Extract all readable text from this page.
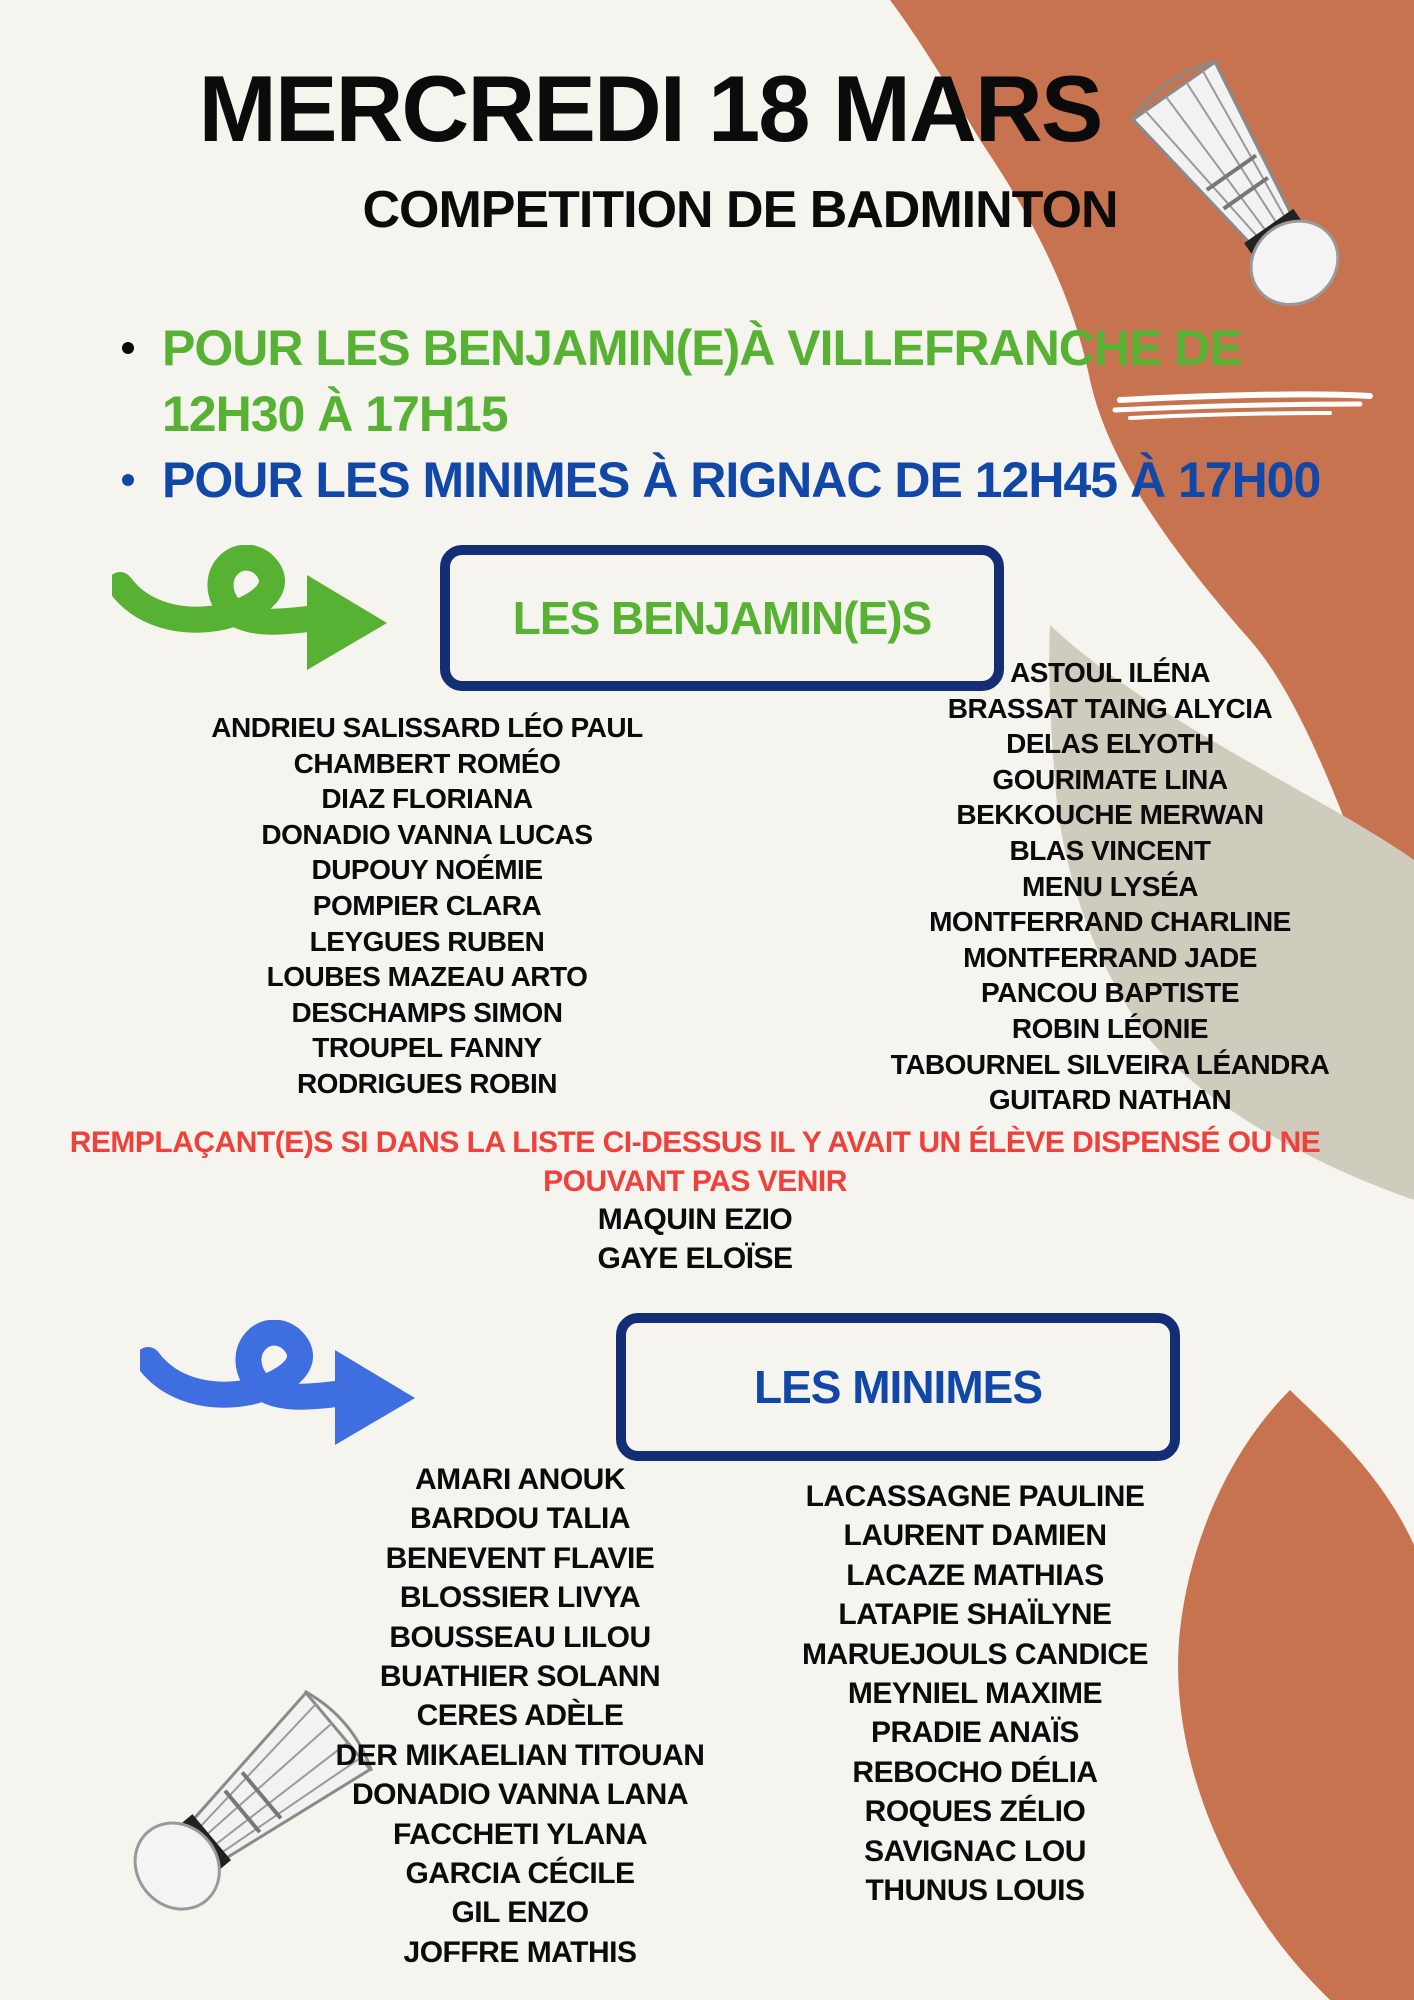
MERCREDI 18 MARS
COMPETITION DE BADMINTON
POUR LES BENJAMIN(E)À VILLEFRANCHE DE 12H30 À 17H15
POUR LES MINIMES À RIGNAC DE 12H45 À 17H00
LES BENJAMIN(E)S
ANDRIEU SALISSARD LÉO PAUL
CHAMBERT ROMÉO
DIAZ FLORIANA
DONADIO VANNA LUCAS
DUPOUY NOÉMIE
POMPIER CLARA
LEYGUES RUBEN
LOUBES MAZEAU ARTO
DESCHAMPS SIMON
TROUPEL FANNY
RODRIGUES ROBIN
ASTOUL ILÉNA
BRASSAT TAING ALYCIA
DELAS ELYOTH
GOURIMATE LINA
BEKKOUCHE MERWAN
BLAS VINCENT
MENU LYSÉA
MONTFERRAND CHARLINE
MONTFERRAND JADE
PANCOU BAPTISTE
ROBIN LÉONIE
TABOURNEL SILVEIRA LÉANDRA
GUITARD NATHAN
REMPLAÇANT(E)S SI DANS LA LISTE CI-DESSUS IL Y AVAIT UN ÉLÈVE DISPENSÉ OU NE
POUVANT PAS VENIR
MAQUIN EZIO
GAYE ELOÏSE
LES MINIMES
AMARI ANOUK
BARDOU TALIA
BENEVENT FLAVIE
BLOSSIER LIVYA
BOUSSEAU LILOU
BUATHIER SOLANN
CERES ADÈLE
DER MIKAELIAN TITOUAN
DONADIO VANNA LANA
FACCHETI YLANA
GARCIA CÉCILE
GIL ENZO
JOFFRE MATHIS
LACASSAGNE PAULINE
LAURENT DAMIEN
LACAZE MATHIAS
LATAPIE SHAÏLYNE
MARUEJOULS CANDICE
MEYNIEL MAXIME
PRADIE ANAÏS
REBOCHO DÉLIA
ROQUES ZÉLIO
SAVIGNAC LOU
THUNUS LOUIS
